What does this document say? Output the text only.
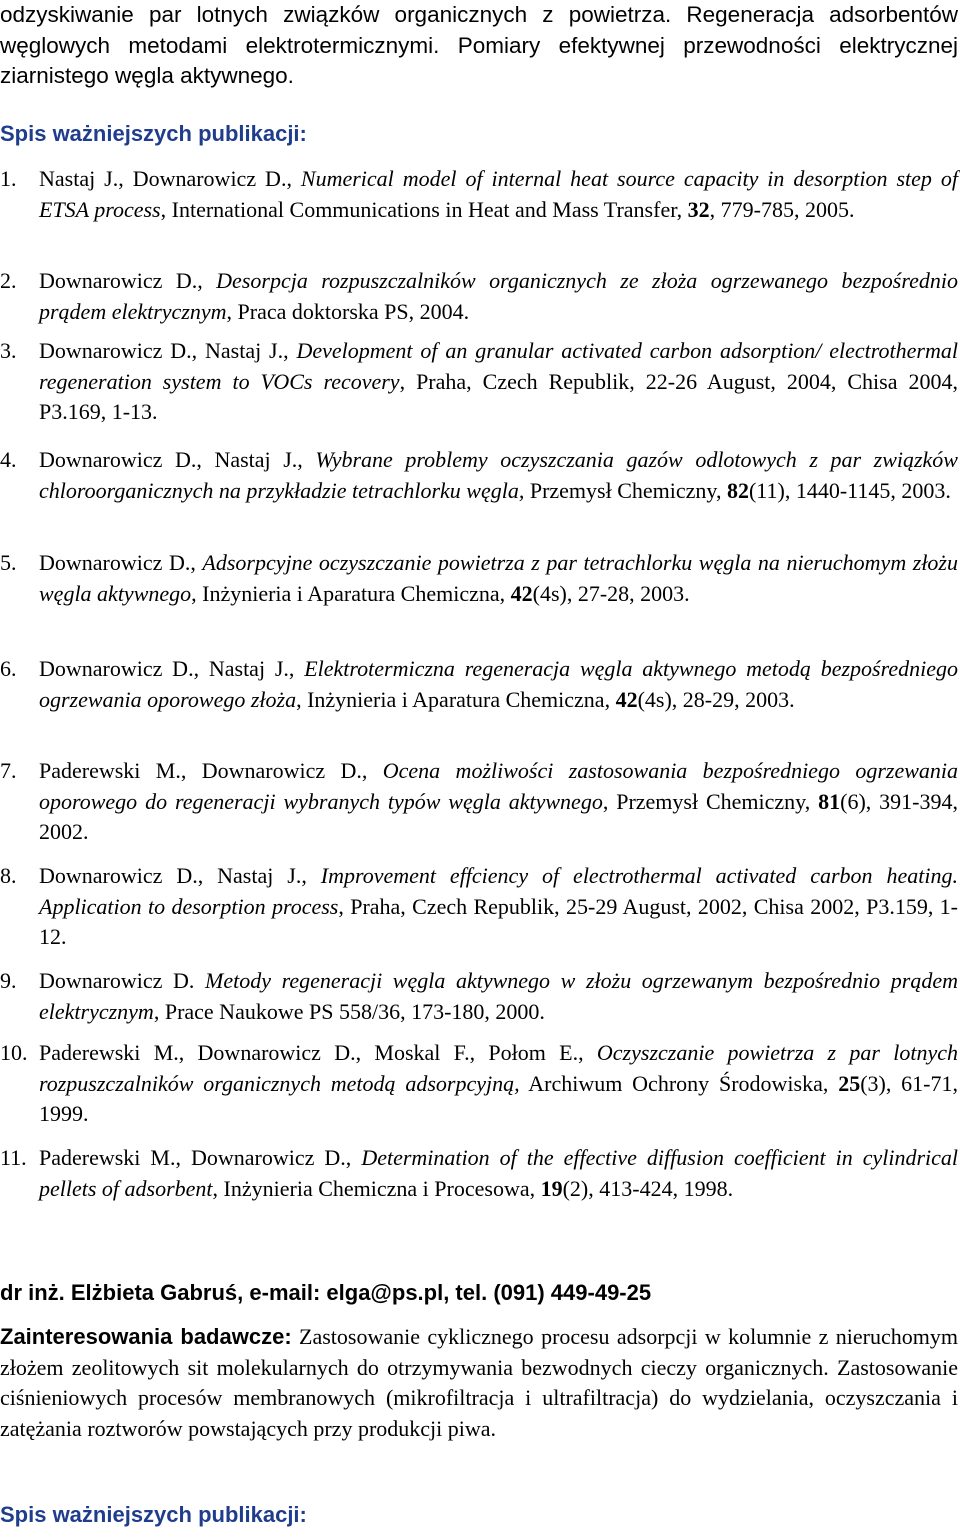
odzyskiwanie par lotnych związków organicznych z powietrza. Regeneracja adsorbentów węglowych metodami elektrotermicznymi. Pomiary efektywnej przewodności elektrycznej ziarnistego węgla aktywnego.
Spis ważniejszych publikacji:
1. Nastaj J., Downarowicz D., Numerical model of internal heat source capacity in desorption step of ETSA process, International Communications in Heat and Mass Transfer, 32, 779-785, 2005.
2. Downarowicz D., Desorpcja rozpuszczalników organicznych ze złoża ogrzewanego bezpośrednio prądem elektrycznym, Praca doktorska PS, 2004.
3. Downarowicz D., Nastaj J., Development of an granular activated carbon adsorption/ electrothermal regeneration system to VOCs recovery, Praha, Czech Republik, 22-26 August, 2004, Chisa 2004, P3.169, 1-13.
4. Downarowicz D., Nastaj J., Wybrane problemy oczyszczania gazów odlotowych z par związków chloroorganicznych na przykładzie tetrachlorku węgla, Przemysł Chemiczny, 82(11), 1440-1145, 2003.
5. Downarowicz D., Adsorpcyjne oczyszczanie powietrza z par tetrachlorku węgla na nieruchomym złożu węgla aktywnego, Inżynieria i Aparatura Chemiczna, 42(4s), 27-28, 2003.
6. Downarowicz D., Nastaj J., Elektrotermiczna regeneracja węgla aktywnego metodą bezpośredniego ogrzewania oporowego złoża, Inżynieria i Aparatura Chemiczna, 42(4s), 28-29, 2003.
7. Paderewski M., Downarowicz D., Ocena możliwości zastosowania bezpośredniego ogrzewania oporowego do regeneracji wybranych typów węgla aktywnego, Przemysł Chemiczny, 81(6), 391-394, 2002.
8. Downarowicz D., Nastaj J., Improvement effciency of electrothermal activated carbon heating. Application to desorption process, Praha, Czech Republik, 25-29 August, 2002, Chisa 2002, P3.159, 1-12.
9. Downarowicz D. Metody regeneracji węgla aktywnego w złożu ogrzewanym bezpośrednio prądem elektrycznym, Prace Naukowe PS 558/36, 173-180, 2000.
10. Paderewski M., Downarowicz D., Moskal F., Połom E., Oczyszczanie powietrza z par lotnych rozpuszczalników organicznych metodą adsorpcyjną, Archiwum Ochrony Środowiska, 25(3), 61-71, 1999.
11. Paderewski M., Downarowicz D., Determination of the effective diffusion coefficient in cylindrical pellets of adsorbent, Inżynieria Chemiczna i Procesowa, 19(2), 413-424, 1998.
dr inż. Elżbieta Gabruś, e-mail: elga@ps.pl, tel. (091) 449-49-25
Zainteresowania badawcze: Zastosowanie cyklicznego procesu adsorpcji w kolumnie z nieruchomym złożem zeolitowych sit molekularnych do otrzymywania bezwodnych cieczy organicznych. Zastosowanie ciśnieniowych procesów membranowych (mikrofiltracja i ultrafiltracja) do wydzielania, oczyszczania i zatężania roztworów powstających przy produkcji piwa.
Spis ważniejszych publikacji:
